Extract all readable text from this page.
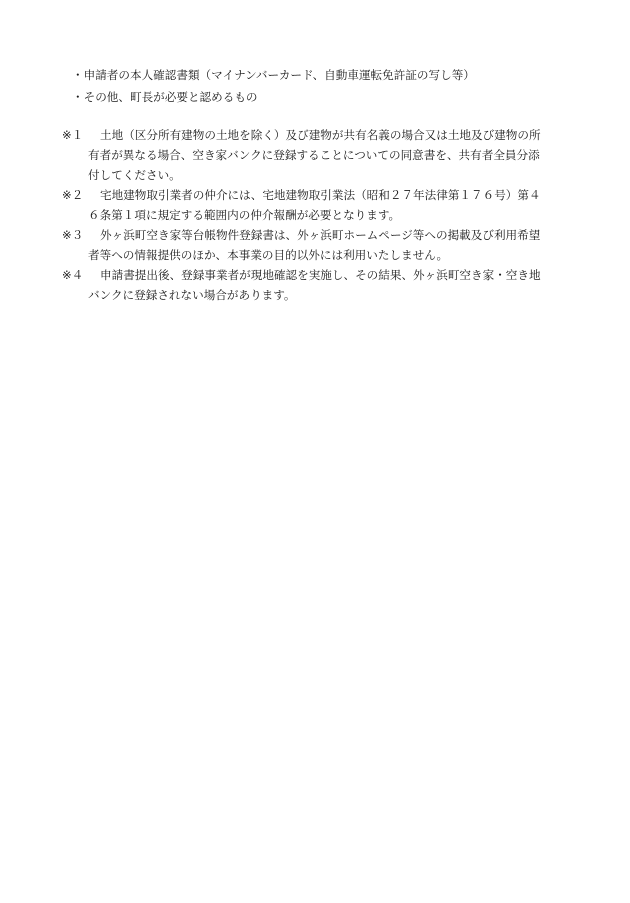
・申請者の本人確認書類（マイナンバーカード、自動車運転免許証の写し等）
・その他、町長が必要と認めるもの
※１	土地（区分所有建物の土地を除く）及び建物が共有名義の場合又は土地及び建物の所
有者が異なる場合、空き家バンクに登録することについての同意書を、共有者全員分添
付してください。
※２	宅地建物取引業者の仲介には、宅地建物取引業法（昭和２７年法律第１７６号）第４
６条第１項に規定する範囲内の仲介報酬が必要となります。
※３	外ヶ浜町空き家等台帳物件登録書は、外ヶ浜町ホームページ等への掲載及び利用希望
者等への情報提供のほか、本事業の目的以外には利用いたしません。
※４	申請書提出後、登録事業者が現地確認を実施し、その結果、外ヶ浜町空き家・空き地
バンクに登録されない場合があります。
